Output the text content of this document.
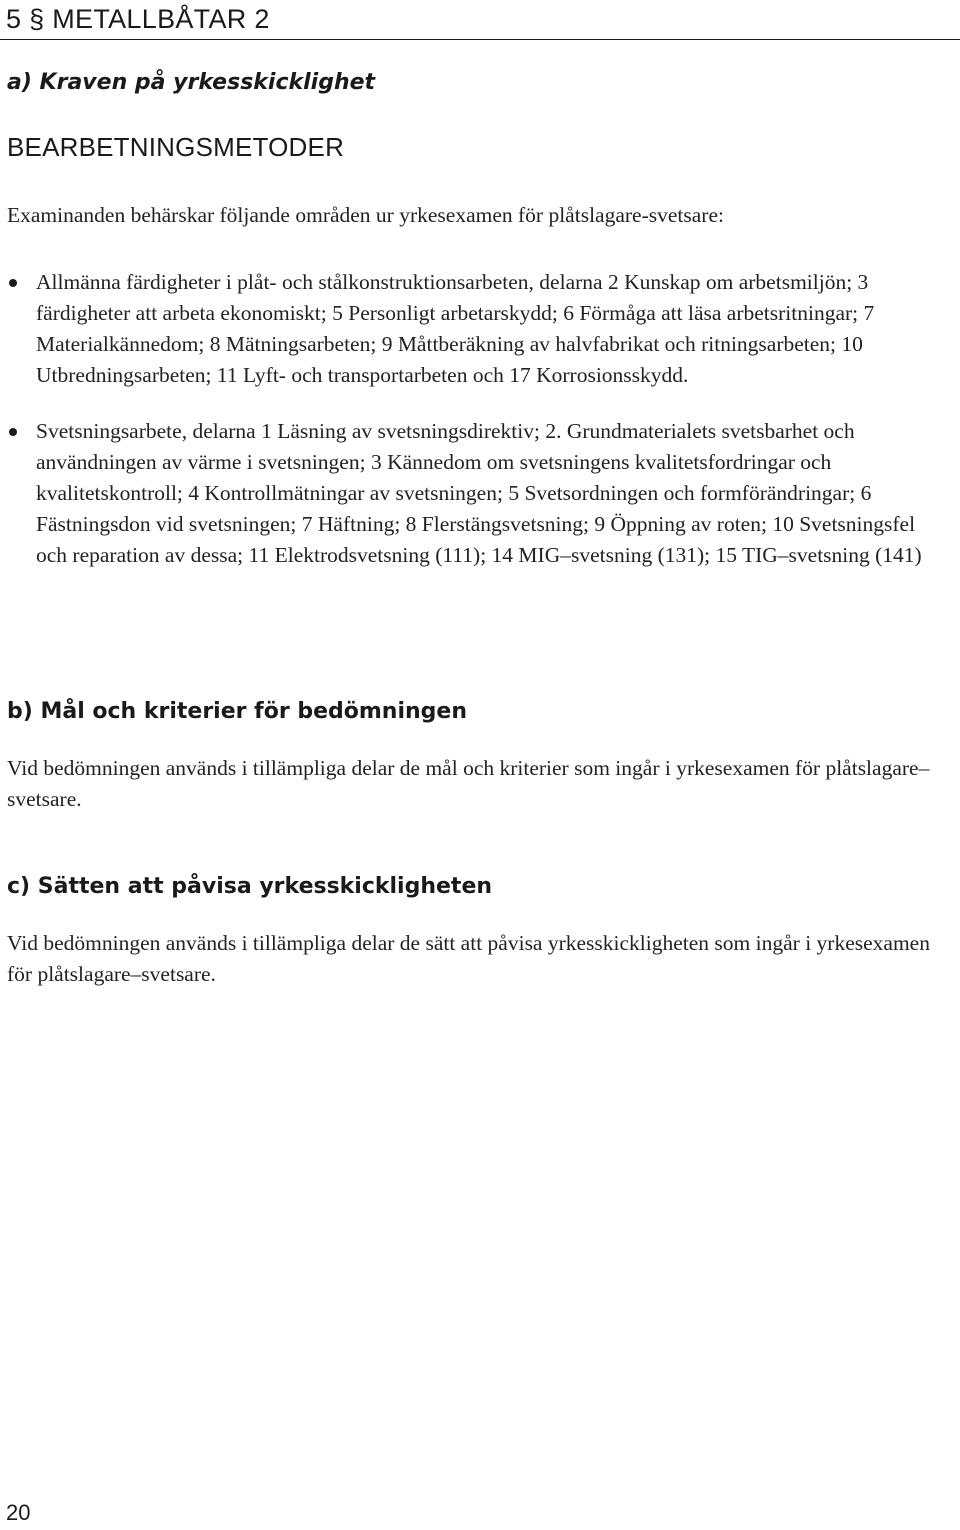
5 § METALLBÅTAR 2
a) Kraven på yrkesskicklighet
BEARBETNINGSMETODER

Examinanden behärskar följande områden ur yrkesexamen för plåtslagare-svetsare:

Allmänna färdigheter i plåt- och stålkonstruktionsarbeten, delarna 2 Kunskap om arbetsmiljön; 3 färdigheter att arbeta ekonomiskt; 5 Personligt arbetarskydd; 6 Förmåga att läsa arbetsritningar; 7 Materialkännedom; 8 Mätningsarbeten; 9 Måttberäkning av halvfabrikat och ritningsarbeten; 10 Utbredningsarbeten; 11 Lyft- och transportarbeten och 17 Korrosionsskydd.
Svetsningsarbete, delarna 1 Läsning av svetsningsdirektiv; 2. Grundmaterialets svetsbarhet och användningen av värme i svetsningen; 3 Kännedom om svetsningens kvalitetsfordringar och kvalitetskontroll; 4 Kontrollmätningar av svetsningen; 5 Svetsordningen och formförändringar; 6 Fästningsdon vid svetsningen; 7 Häftning; 8 Flerstängsvetsning; 9 Öppning av roten; 10 Svetsningsfel och reparation av dessa; 11 Elektrodsvetsning (111); 14 MIG–svetsning (131); 15 TIG–svetsning (141)
b) Mål och kriterier för bedömningen

Vid bedömningen används i tillämpliga delar de mål och kriterier som ingår i yrkesexamen för plåtslagare–svetsare.

c) Sätten att påvisa yrkesskickligheten

Vid bedömningen används i tillämpliga delar de sätt att påvisa yrkesskickligheten som ingår i yrkesexamen för plåtslagare–svetsare.

20
